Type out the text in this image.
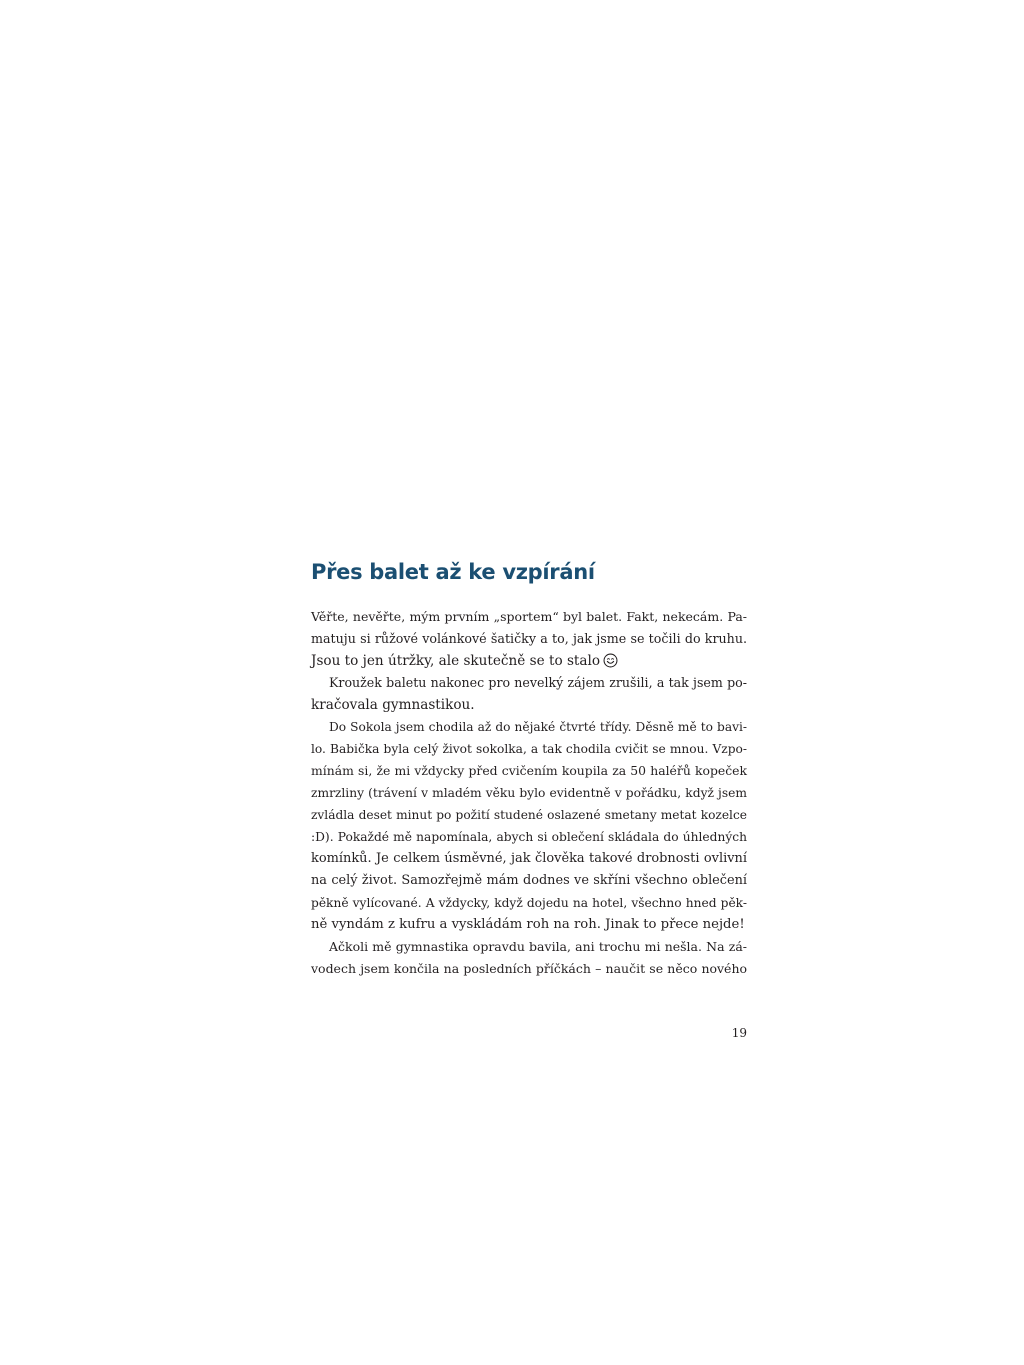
Přes balet až ke vzpírání
Věřte, nevěřte, mým prvním „sportem“ byl balet. Fakt, nekecám. Pa-
matuju si růžové volánkové šatičky a to, jak jsme se točili do kruhu.
Jsou to jen útržky, ale skutečně se to stalo
Kroužek baletu nakonec pro nevelký zájem zrušili, a tak jsem po-
kračovala gymnastikou.
Do Sokola jsem chodila až do nějaké čtvrté třídy. Děsně mě to bavi-
lo. Babička byla celý život sokolka, a tak chodila cvičit se mnou. Vzpo-
mínám si, že mi vždycky před cvičením koupila za 50 haléřů kopeček
zmrzliny (trávení v mladém věku bylo evidentně v pořádku, když jsem
zvládla deset minut po požití studené oslazené smetany metat kozelce
:D). Pokaždé mě napomínala, abych si oblečení skládala do úhledných
komínků. Je celkem úsměvné, jak člověka takové drobnosti ovlivní
na celý život. Samozřejmě mám dodnes ve skříni všechno oblečení
pěkně vylícované. A vždycky, když dojedu na hotel, všechno hned pěk-
ně vyndám z kufru a vyskládám roh na roh. Jinak to přece nejde!
Ačkoli mě gymnastika opravdu bavila, ani trochu mi nešla. Na zá-
vodech jsem končila na posledních příčkách – naučit se něco nového
19
